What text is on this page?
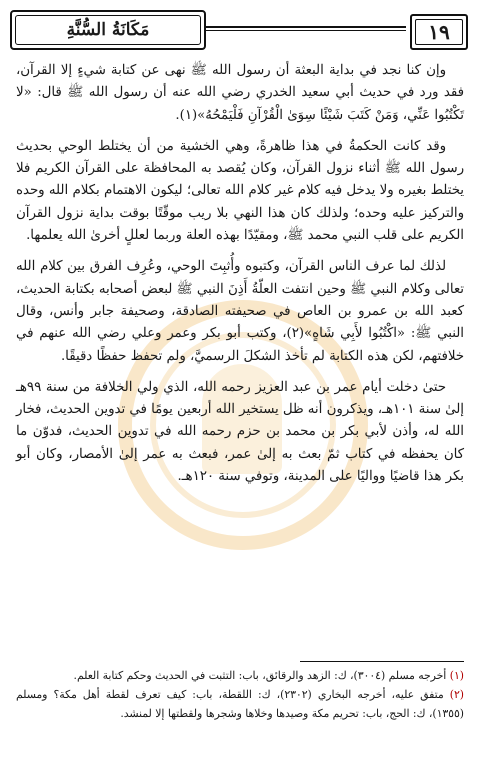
١٩
مَكَانَةُ السُّنَّةِ

وإن كنا نجد في بداية البعثة أن رسول الله ﷺ نهى عن كتابة شيءٍ إلا القرآن، فقد ورد في حديث أبي سعيد الخدري رضي الله عنه أن رسول الله ﷺ قال: «لا تَكْتُبُوا عَنِّي، وَمَنْ كَتَبَ شَيْئًا سِوَىٰ الْقُرْآنِ فَلْيَمْحُهُ»(١).

وقد كانت الحكمةُ في هذا ظاهرةً، وهي الخشية من أن يختلط الوحي بحديث رسول الله ﷺ أثناء نزول القرآن، وكان يُقصد به المحافظة على القرآن الكريم فلا يختلط بغيره ولا يدخل فيه كلام غير كلام الله تعالى؛ ليكون الاهتمام بكلام الله وحده والتركيز عليه وحده؛ ولذلك كان هذا النهي بلا ريب موقّتًا بوقت بداية نزول القرآن الكريم على قلب النبي محمد ﷺ، ومقيّدًا بهذه العلة وربما لعللٍ أخرىٰ الله يعلمها.

لذلك لما عرف الناس القرآن، وكتبوه وأُثبِتَ الوحي، وعُرِف الفرق بين كلام الله تعالى وكلام النبي ﷺ وحين انتفت العلّةُ أَذِنَ النبي ﷺ لبعض أصحابه بكتابة الحديث، كعبد الله بن عمرو بن العاص في صحيفته الصادقة، وصحيفة جابر وأنس، وقال النبي ﷺ: «اكْتُبُوا لأَبِي شَاهٍ»(٢)، وكتب أبو بكر وعمر وعلي رضي الله عنهم في خلافتهم، لكن هذه الكتابة لم تأخذ الشكلَ الرسميَّ، ولم تحفظ حفظًا دقيقًا.

حتىٰ دخلت أيام عمر بن عبد العزيز رحمه الله، الذي ولي الخلافة من سنة ٩٩هـ إلىٰ سنة ١٠١هـ، ويذكرون أنه ظل يستخير الله أربعين يومًا في تدوين الحديث، فخار الله له، وأذن لأبي بكر بن محمد بن حزم رحمه الله في تدوين الحديث، فدوّن ما كان يحفظه في كتاب ثمّ بعث به إلىٰ عمر، فبعث به عمر إلىٰ الأمصار، وكان أبو بكر هذا قاضيًا وواليًا على المدينة، وتوفي سنة ١٢٠هـ.

(١) أخرجه مسلم (٣٠٠٤)، ك: الزهد والرقائق، باب: التثبت في الحديث وحكم كتابة العلم.

(٢) متفق عليه، أخرجه البخاري (٢٣٠٢)، ك: اللقطة، باب: كيف تعرف لقطة أهل مكة؟ ومسلم (١٣٥٥)، ك: الحج، باب: تحريم مكة وصيدها وخلاها وشجرها ولقطتها إلا لمنشد.
